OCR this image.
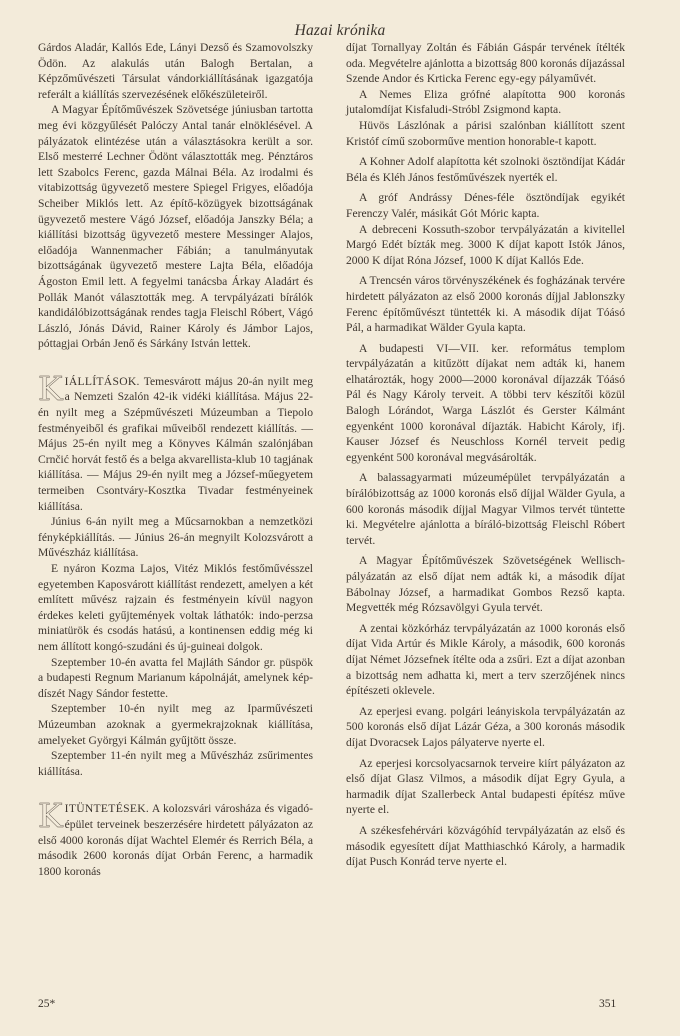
Hazai krónika

Gárdos Aladár, Kallós Ede, Lányi Dezső és Szamovolszky Ödön. Az alakulás után Balogh Bertalan, a Képzőművészeti Társulat vándorkiállításának igazgatója referált a kiállítás szervezésének előkészületeiről.

A Magyar Építőművészek Szövetsége júniusban tartotta meg évi közgyűlését Palóczy Antal tanár elnöklésével. A pályázatok elintézése után a választásokra került a sor. Első mesterré Lechner Ödönt választották meg. Pénztáros lett Szabolcs Ferenc, gazda Málnai Béla. Az irodalmi és vitabizottság ügyvezető mestere Spiegel Frigyes, előadója Scheiber Miklós lett. Az építő-közügyek bizottságának ügyvezető mestere Vágó József, előadója Janszky Béla; a kiállítási bizottság ügyvezető mestere Messinger Alajos, előadója Wannenmacher Fábián; a tanulmányutak bizottságának ügyvezető mestere Lajta Béla, előadója Ágoston Emil lett. A fegyelmi tanácsba Árkay Aladárt és Pollák Manót választották meg. A tervpályázati bírálók kandidálóbizottságának rendes tagja Fleischl Róbert, Vágó László, Jónás Dávid, Rainer Károly és Jámbor Lajos, póttagjai Orbán Jenő és Sárkány István lettek.

KIÁLLÍTÁSOK. Temesvárott május 20-án nyilt meg a Nemzeti Szalón 42-ik vidéki kiállítása. Május 22-én nyilt meg a Szépművészeti Múzeumban a Tiepolo festményeiből és grafikai műveiből rendezett kiállítás. — Május 25-én nyilt meg a Könyves Kálmán szalónjában Crnčić horvát festő és a belga akvarellista-klub 10 tagjának kiállítása. — Május 29-én nyilt meg a József-műegyetem termeiben Csontváry-Kosztka Tivadar festményeinek kiállítása.

Június 6-án nyilt meg a Műcsarnokban a nemzetközi fényképkiállítás. — Június 26-án megnyilt Kolozsvárott a Művészház kiállítása.

E nyáron Kozma Lajos, Vitéz Miklós festőművésszel egyetemben Kaposvárott kiállítást rendezett, amelyen a két említett művész rajzain és festményein kívül nagyon érdekes keleti gyűjtemények voltak láthatók: indo-perzsa miniatürök és csodás hatású, a kontinensen eddig még ki nem állított kongó-szudáni és új-guineai dolgok.

Szeptember 10-én avatta fel Majláth Sándor gr. püspök a budapesti Regnum Marianum kápolnáját, amelynek kép-díszét Nagy Sándor festette.

Szeptember 10-én nyilt meg az Iparművészeti Múzeumban azoknak a gyermekrajzoknak kiállítása, amelyeket Györgyi Kálmán gyűjtött össze.

Szeptember 11-én nyilt meg a Művészház zsűrimentes kiállítása.

KITÜNTETÉSEK. A kolozsvári városháza és vigadó-épület terveinek beszerzésére hirdetett pályázaton az első 4000 koronás díjat Wachtel Elemér és Rerrich Béla, a második 2600 koronás díjat Orbán Ferenc, a harmadik 1800 koronás

díjat Tornallyay Zoltán és Fábián Gáspár tervének ítélték oda. Megvételre ajánlotta a bizottság 800 koronás díjazással Szende Andor és Krticka Ferenc egy-egy pályaművét.

A Nemes Eliza grófné alapította 900 koronás jutalomdíjat Kisfaludi-Stróbl Zsigmond kapta.

Hüvös Lászlónak a párisi szalónban kiállított szent Kristóf című szoborműve mention honorable-t kapott.

A Kohner Adolf alapította két szolnoki ösztöndíjat Kádár Béla és Kléh János festőművészek nyerték el.

A gróf Andrássy Dénes-féle ösztöndíjak egyikét Ferenczy Valér, másikát Gót Móric kapta.

A debreceni Kossuth-szobor tervpályázatán a kivitellel Margó Edét bízták meg. 3000 K díjat kapott Istók János, 2000 K díjat Róna József, 1000 K díjat Kallós Ede.

A Trencsén város törvényszékének és fogházának tervére hirdetett pályázaton az első 2000 koronás díjjal Jablonszky Ferenc építőművészt tüntették ki. A második díjat Tóásó Pál, a harmadikat Wälder Gyula kapta.

A budapesti VI—VII. ker. református templom tervpályázatán a kitűzött díjakat nem adták ki, hanem elhatározták, hogy 2000—2000 koronával díjazzák Tóásó Pál és Nagy Károly terveit. A többi terv készítői közül Balogh Lórándot, Warga Lászlót és Gerster Kálmánt egyenként 1000 koronával díjazták. Habicht Károly, ifj. Kauser József és Neuschloss Kornél terveit pedig egyenként 500 koronával megvásárolták.

A balassagyarmati múzeumépület tervpályázatán a bírálóbizottság az 1000 koronás első díjjal Wälder Gyula, a 600 koronás második díjjal Magyar Vilmos tervét tüntette ki. Megvételre ajánlotta a bíráló-bizottság Fleischl Róbert tervét.

A Magyar Építőművészek Szövetségének Wellisch-pályázatán az első díjat nem adták ki, a második díjat Bábolnay József, a harmadikat Gombos Rezső kapta. Megvették még Rózsavölgyi Gyula tervét.

A zentai közkórház tervpályázatán az 1000 koronás első díjat Vida Artúr és Mikle Károly, a második, 600 koronás díjat Német Józsefnek ítélte oda a zsűri. Ezt a díjat azonban a bizottság nem adhatta ki, mert a terv szerzőjének nincs építészeti oklevele.

Az eperjesi evang. polgári leányiskola tervpályázatán az 500 koronás első díjat Lázár Géza, a 300 koronás második díjat Dvoracsek Lajos pályaterve nyerte el.

Az eperjesi korcsolyacsarnok terveire kiírt pályázaton az első díjat Glasz Vilmos, a második díjat Egry Gyula, a harmadik díjat Szallerbeck Antal budapesti építész műve nyerte el.

A székesfehérvári közvágóhíd tervpályázatán az első és második egyesített díjat Matthiaschkó Károly, a harmadik díjat Pusch Konrád terve nyerte el.

25*	351
